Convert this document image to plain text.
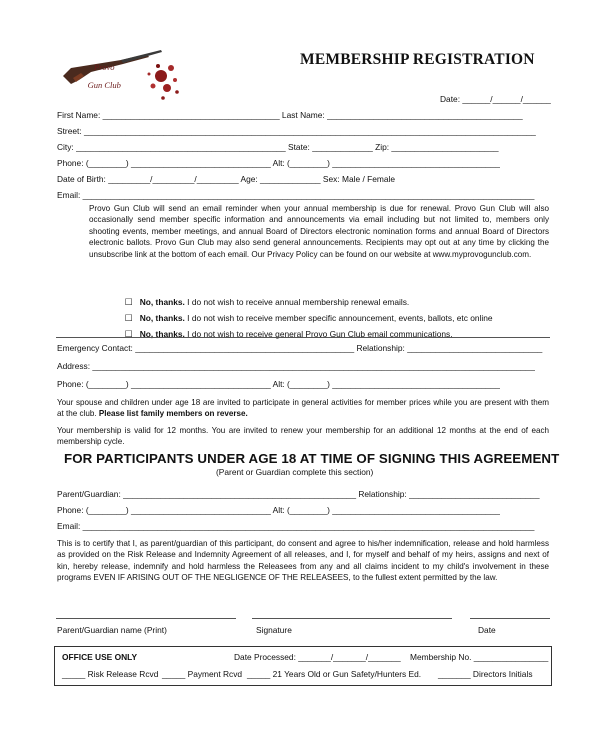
Provo

Gun Club

MEMBERSHIP REGISTRATION
Date: ______/______/______
First Name: ______________________________________ Last Name: __________________________________________
Street: _________________________________________________________________________________________________
City: _____________________________________________ State: _____________ Zip: _______________________
Phone: (________) ______________________________ Alt: (________) ____________________________________
Date of Birth: _________/_________/_________ Age: _____________ Sex: Male / Female
Email: _________________________________________________________________________________________________
Provo Gun Club will send an email reminder when your annual membership is due for renewal. Provo Gun Club will also occasionally send member specific information and announcements via email including but not limited to, members only shooting events, member meetings, and annual Board of Directors electronic nomination forms and annual Board of Directors electronic ballots. Provo Gun Club may also send general announcements. Recipients may opt out at any time by clicking the unsubscribe link at the bottom of each email. Our Privacy Policy can be found on our website at www.myprovogunclub.com.

☐ No, thanks. I do not wish to receive annual membership renewal emails.

☐ No, thanks. I do not wish to receive member specific announcement, events, ballots, etc online

☐ No, thanks. I do not wish to receive general Provo Gun Club email communications.

Emergency Contact: _______________________________________________ Relationship: _____________________________
Address: _______________________________________________________________________________________________
Phone: (________) ______________________________ Alt: (________) ____________________________________
Your spouse and children under age 18 are invited to participate in general activities for member prices while you are present with them at the club. Please list family members on reverse.
Your membership is valid for 12 months. You are invited to renew your membership for an additional 12 months at the end of each membership cycle.
FOR PARTICIPANTS UNDER AGE 18 AT TIME OF SIGNING THIS AGREEMENT
(Parent or Guardian complete this section)
Parent/Guardian: __________________________________________________ Relationship: ____________________________
Phone: (________) ______________________________ Alt: (________) ____________________________________
Email: _________________________________________________________________________________________________
This is to certify that I, as parent/guardian of this participant, do consent and agree to his/her indemnification, release and hold harmless as provided on the Risk Release and Indemnity Agreement of all releases, and I, for myself and behalf of my heirs, assigns and next of kin, hereby release, indemnify and hold harmless the Releasees from any and all claims incident to my child's involvement in these programs EVEN IF ARISING OUT OF THE NEGLIGENCE OF THE RELEASEES, to the fullest extent permitted by the law.
Parent/Guardian name (Print)	Signature	Date
OFFICE USE ONLY	Date Processed: _______/_______/_______ Membership No. ________________
_____ Risk Release Rcvd _____ Payment Rcvd _____ 21 Years Old or Gun Safety/Hunters Ed. _______ Directors Initials
